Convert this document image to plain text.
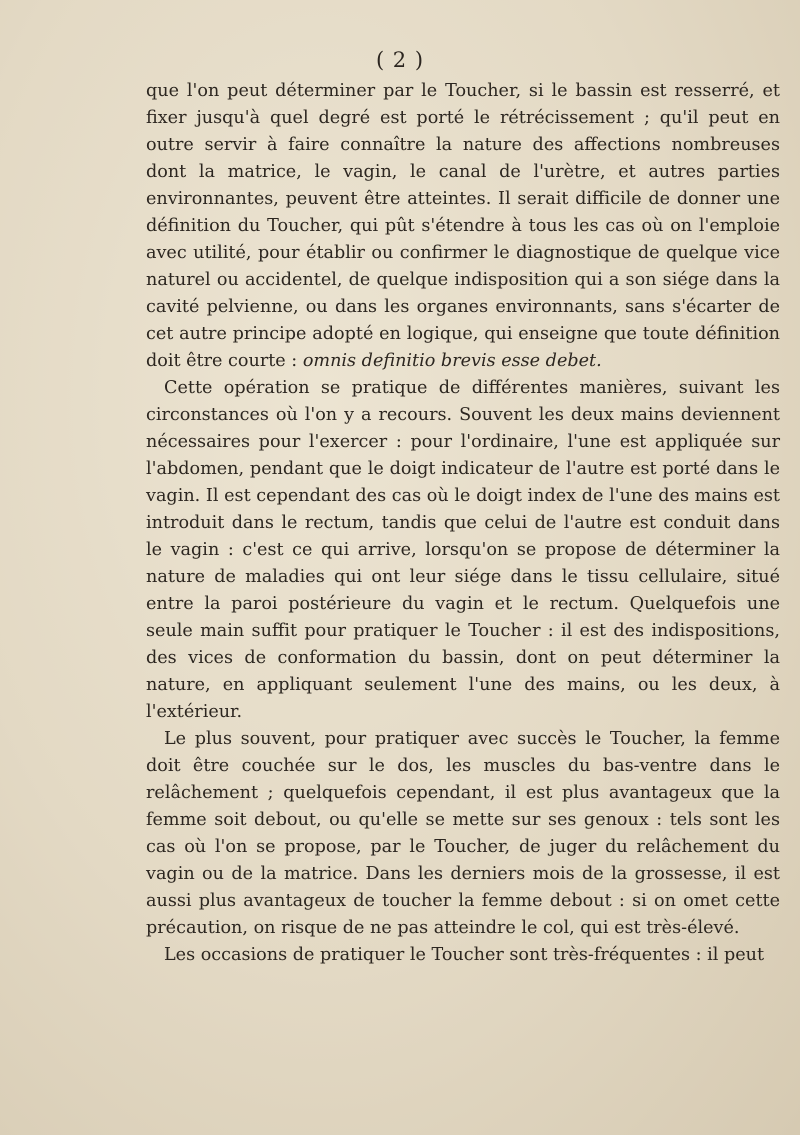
( 2 )

que l'on peut déterminer par le Toucher, si le bassin est resserré, et fixer jusqu'à quel degré est porté le rétrécissement ; qu'il peut en outre servir à faire connaître la nature des affections nombreuses dont la matrice, le vagin, le canal de l'urètre, et autres parties environnantes, peuvent être atteintes. Il serait difficile de donner une définition du Toucher, qui pût s'étendre à tous les cas où on l'emploie avec utilité, pour établir ou confirmer le diagnostique de quelque vice naturel ou accidentel, de quelque indisposition qui a son siége dans la cavité pelvienne, ou dans les organes environnants, sans s'écarter de cet autre principe adopté en logique, qui enseigne que toute définition doit être courte : omnis definitio brevis esse debet.

Cette opération se pratique de différentes manières, suivant les circonstances où l'on y a recours. Souvent les deux mains deviennent nécessaires pour l'exercer : pour l'ordinaire, l'une est appliquée sur l'abdomen, pendant que le doigt indicateur de l'autre est porté dans le vagin. Il est cependant des cas où le doigt index de l'une des mains est introduit dans le rectum, tandis que celui de l'autre est conduit dans le vagin : c'est ce qui arrive, lorsqu'on se propose de déterminer la nature de maladies qui ont leur siége dans le tissu cellulaire, situé entre la paroi postérieure du vagin et le rectum. Quelquefois une seule main suffit pour pratiquer le Toucher : il est des indispositions, des vices de conformation du bassin, dont on peut déterminer la nature, en appliquant seulement l'une des mains, ou les deux, à l'extérieur.

Le plus souvent, pour pratiquer avec succès le Toucher, la femme doit être couchée sur le dos, les muscles du bas-ventre dans le relâchement ; quelquefois cependant, il est plus avantageux que la femme soit debout, ou qu'elle se mette sur ses genoux : tels sont les cas où l'on se propose, par le Toucher, de juger du relâchement du vagin ou de la matrice. Dans les derniers mois de la grossesse, il est aussi plus avantageux de toucher la femme debout : si on omet cette précaution, on risque de ne pas atteindre le col, qui est très-élevé.

Les occasions de pratiquer le Toucher sont très-fréquentes : il peut
